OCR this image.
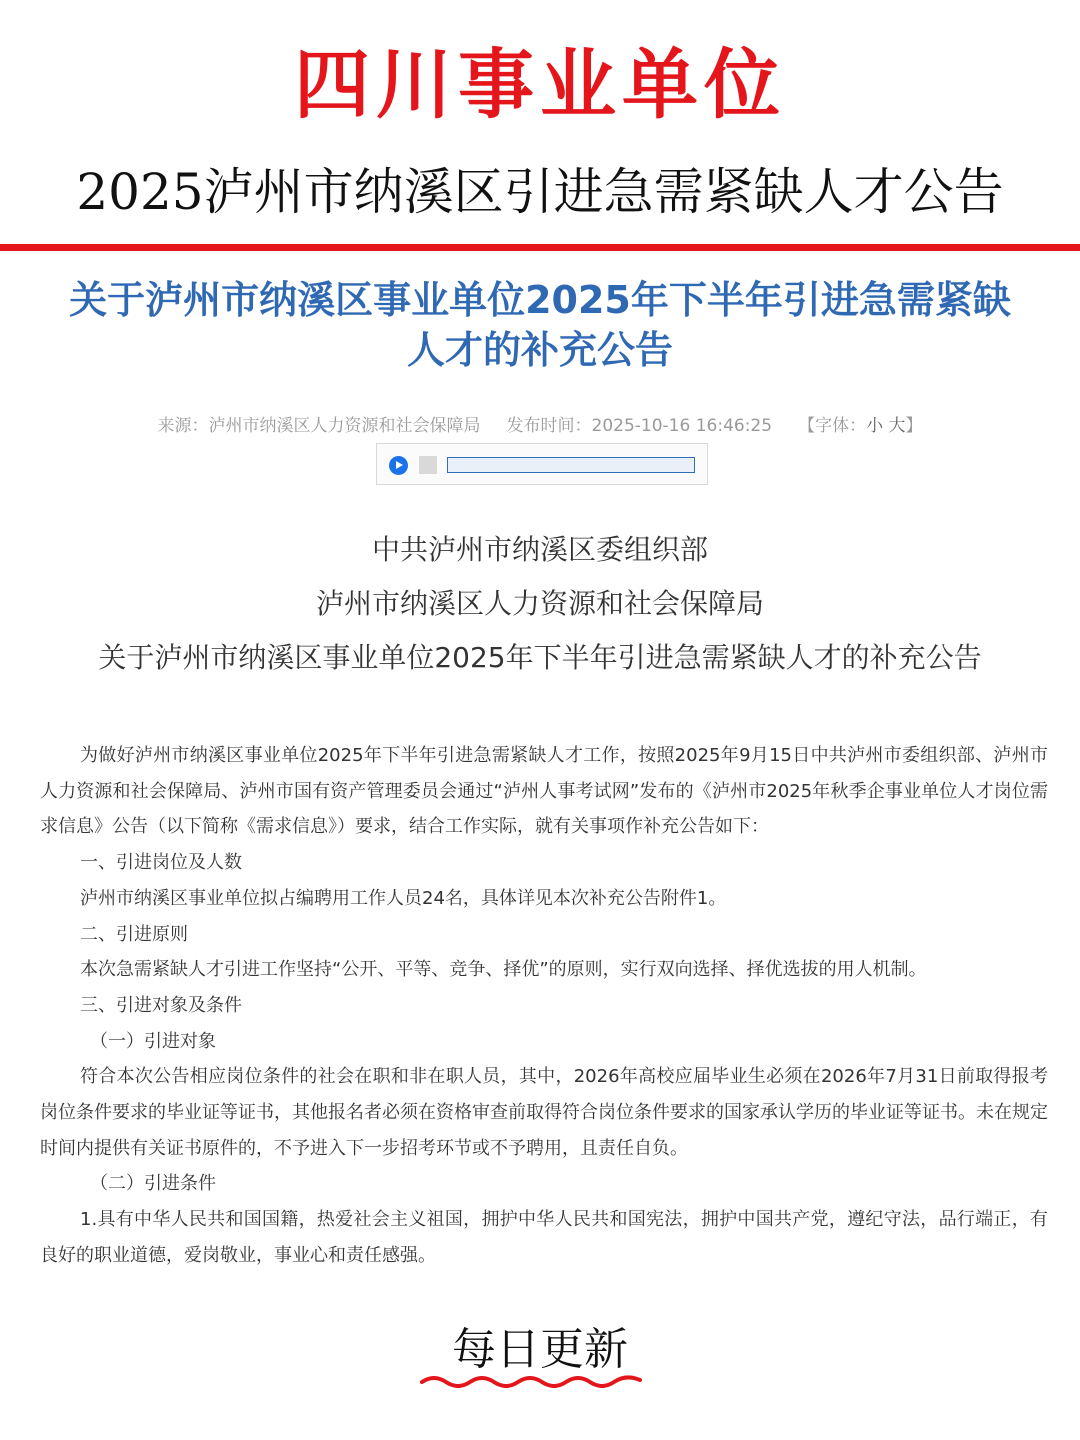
四川事业单位
2025泸州市纳溪区引进急需紧缺人才公告
关于泸州市纳溪区事业单位2025年下半年引进急需紧缺
人才的补充公告
来源：泸州市纳溪区人力资源和社会保障局 发布时间：2025-10-16 16:46:25 【字体：小 大】
中共泸州市纳溪区委组织部
泸州市纳溪区人力资源和社会保障局
关于泸州市纳溪区事业单位2025年下半年引进急需紧缺人才的补充公告

为做好泸州市纳溪区事业单位2025年下半年引进急需紧缺人才工作，按照2025年9月15日中共泸州市委组织部、泸州市人力资源和社会保障局、泸州市国有资产管理委员会通过“泸州人事考试网”发布的《泸州市2025年秋季企事业单位人才岗位需求信息》公告（以下简称《需求信息》）要求，结合工作实际，就有关事项作补充公告如下：

一、引进岗位及人数

泸州市纳溪区事业单位拟占编聘用工作人员24名，具体详见本次补充公告附件1。

二、引进原则

本次急需紧缺人才引进工作坚持“公开、平等、竞争、择优”的原则，实行双向选择、择优选拔的用人机制。

三、引进对象及条件

（一）引进对象

符合本次公告相应岗位条件的社会在职和非在职人员，其中，2026年高校应届毕业生必须在2026年7月31日前取得报考岗位条件要求的毕业证等证书，其他报名者必须在资格审查前取得符合岗位条件要求的国家承认学历的毕业证等证书。未在规定时间内提供有关证书原件的，不予进入下一步招考环节或不予聘用，且责任自负。

（二）引进条件

1.具有中华人民共和国国籍，热爱社会主义祖国，拥护中华人民共和国宪法，拥护中国共产党，遵纪守法，品行端正，有良好的职业道德，爱岗敬业，事业心和责任感强。

每日更新
